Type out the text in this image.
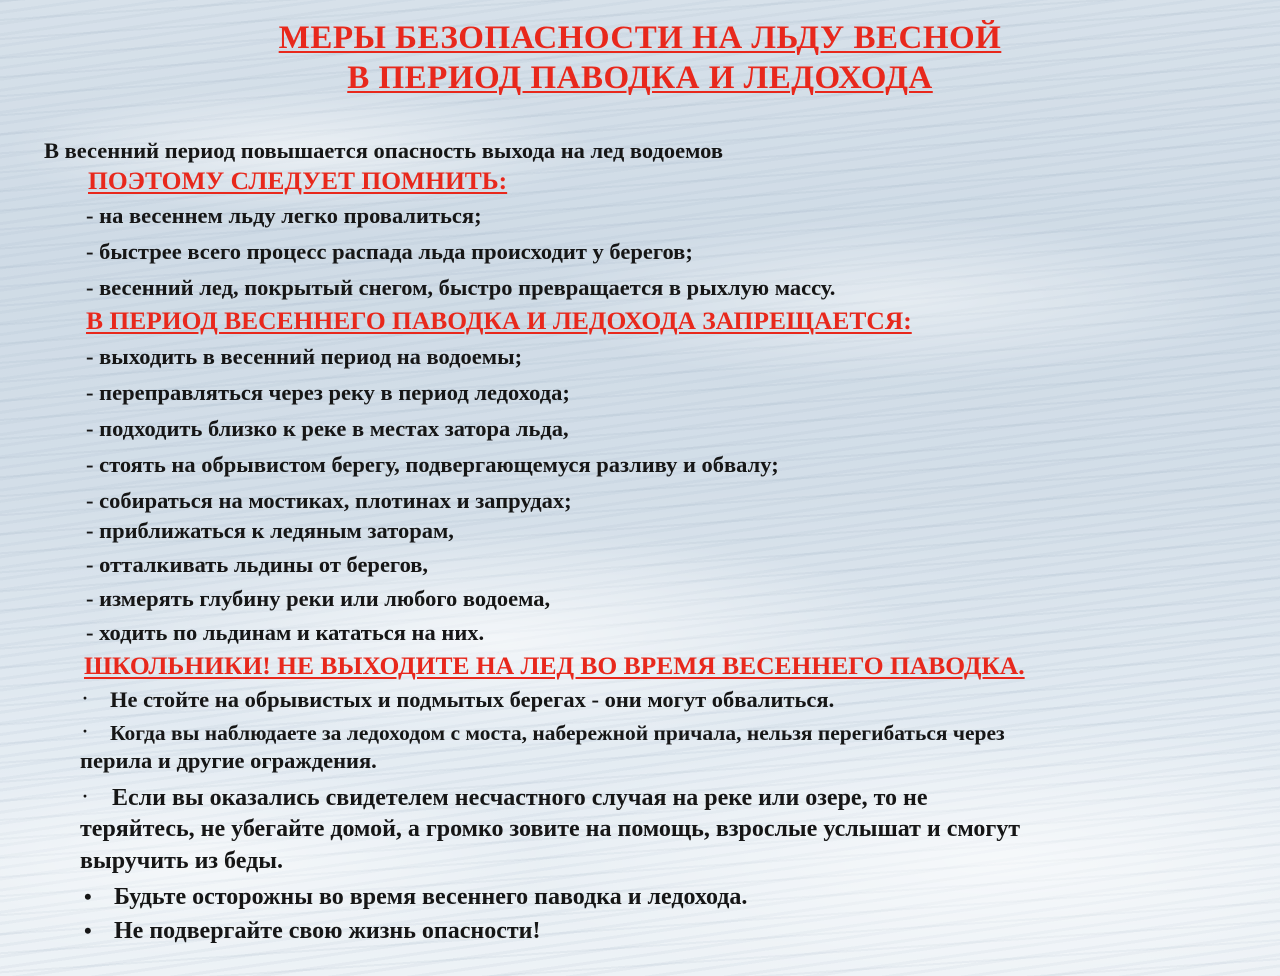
МЕРЫ БЕЗОПАСНОСТИ НА ЛЬДУ ВЕСНОЙ
В ПЕРИОД ПАВОДКА И ЛЕДОХОДА

В весенний период повышается опасность выхода на лед водоемов

ПОЭТОМУ СЛЕДУЕТ ПОМНИТЬ:

- на весеннем льду легко провалиться;

- быстрее всего процесс распада льда происходит у берегов;

- весенний лед, покрытый снегом, быстро превращается в рыхлую массу.

В ПЕРИОД ВЕСЕННЕГО ПАВОДКА И ЛЕДОХОДА ЗАПРЕЩАЕТСЯ:

- выходить в весенний период на водоемы;

- переправляться через реку в период ледохода;

- подходить близко к реке в местах затора льда,

- стоять на обрывистом берегу, подвергающемуся разливу и обвалу;

- собираться на мостиках, плотинах и запрудах;

- приближаться к ледяным заторам,

- отталкивать льдины от берегов,

- измерять глубину реки или любого водоема,

- ходить по льдинам и кататься на них.

ШКОЛЬНИКИ! НЕ ВЫХОДИТЕ НА ЛЕД ВО ВРЕМЯ ВЕСЕННЕГО ПАВОДКА.

· Не стойте на обрывистых и подмытых берегах - они могут обвалиться.

· Когда вы наблюдаете за ледоходом с моста, набережной причала, нельзя перегибаться через

перила и другие ограждения.

· Если вы оказались свидетелем несчастного случая на реке или озере, то не

теряйтесь, не убегайте домой, а громко зовите на помощь, взрослые услышат и смогут

выручить из беды.

• Будьте осторожны во время весеннего паводка и ледохода.

• Не подвергайте свою жизнь опасности!
